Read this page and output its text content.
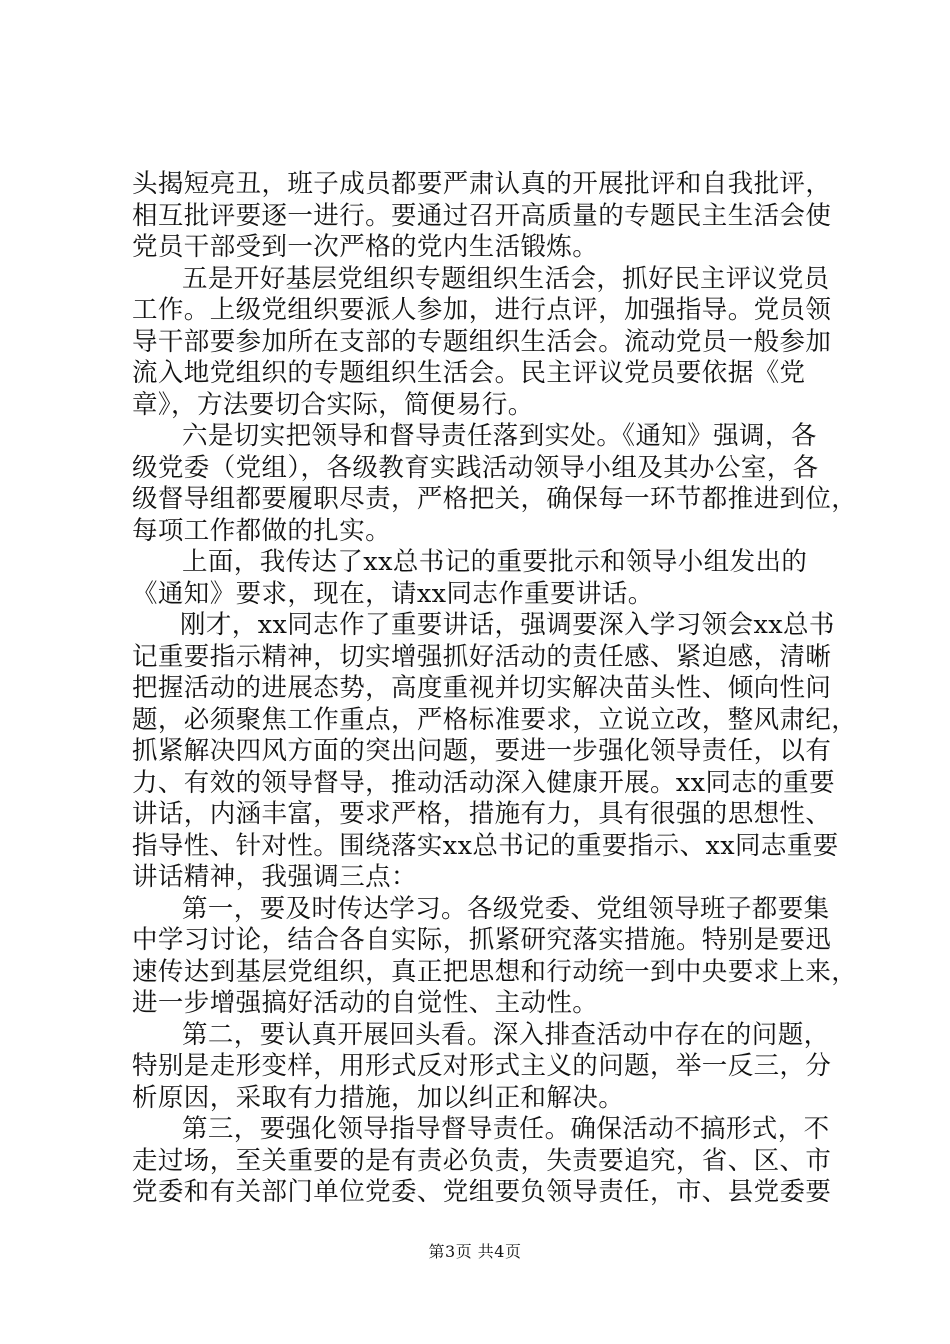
头揭短亮丑，班子成员都要严肃认真的开展批评和自我批评，
相互批评要逐一进行。要通过召开高质量的专题民主生活会使
党员干部受到一次严格的党内生活锻炼。
五是开好基层党组织专题组织生活会，抓好民主评议党员
工作。上级党组织要派人参加，进行点评，加强指导。党员领
导干部要参加所在支部的专题组织生活会。流动党员一般参加
流入地党组织的专题组织生活会。民主评议党员要依据《党
章》，方法要切合实际，简便易行。
六是切实把领导和督导责任落到实处。《通知》强调，各
级党委（党组），各级教育实践活动领导小组及其办公室，各
级督导组都要履职尽责，严格把关，确保每一环节都推进到位，
每项工作都做的扎实。
上面，我传达了xx总书记的重要批示和领导小组发出的
《通知》要求，现在，请xx同志作重要讲话。
刚才，xx同志作了重要讲话，强调要深入学习领会xx总书
记重要指示精神，切实增强抓好活动的责任感、紧迫感，清晰
把握活动的进展态势，高度重视并切实解决苗头性、倾向性问
题，必须聚焦工作重点，严格标准要求，立说立改，整风肃纪，
抓紧解决四风方面的突出问题，要进一步强化领导责任，以有
力、有效的领导督导，推动活动深入健康开展。xx同志的重要
讲话，内涵丰富，要求严格，措施有力，具有很强的思想性、
指导性、针对性。围绕落实xx总书记的重要指示、xx同志重要
讲话精神，我强调三点：
第一，要及时传达学习。各级党委、党组领导班子都要集
中学习讨论，结合各自实际，抓紧研究落实措施。特别是要迅
速传达到基层党组织，真正把思想和行动统一到中央要求上来，
进一步增强搞好活动的自觉性、主动性。
第二，要认真开展回头看。深入排查活动中存在的问题，
特别是走形变样，用形式反对形式主义的问题，举一反三，分
析原因，采取有力措施，加以纠正和解决。
第三，要强化领导指导督导责任。确保活动不搞形式，不
走过场，至关重要的是有责必负责，失责要追究，省、区、市
党委和有关部门单位党委、党组要负领导责任，市、县党委要
第3页 共4页
